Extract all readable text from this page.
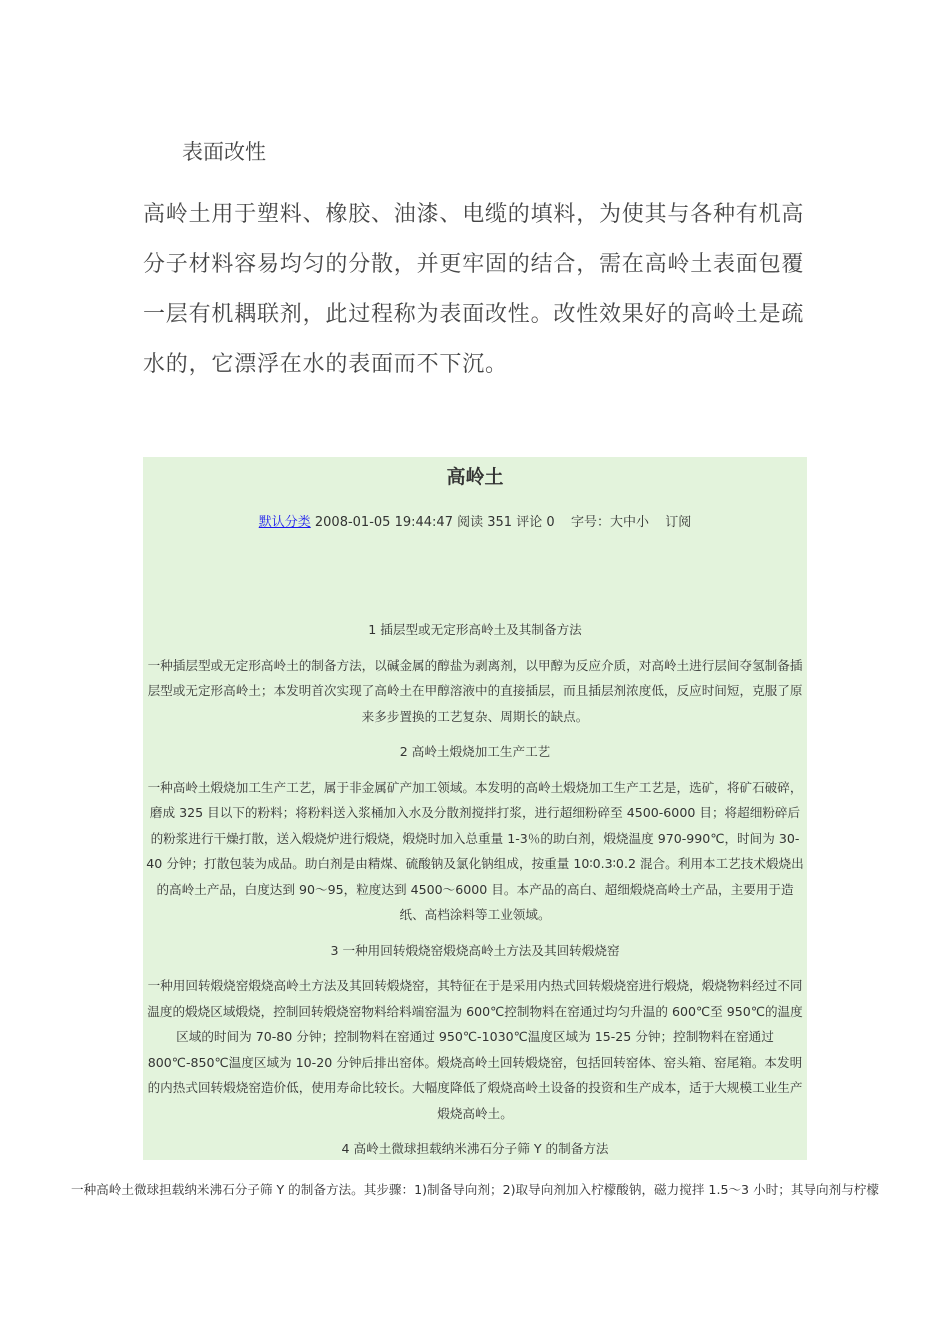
表面改性

高岭土用于塑料、橡胶、油漆、电缆的填料，为使其与各种有机高分子材料容易均匀的分散，并更牢固的结合，需在高岭土表面包覆一层有机耦联剂，此过程称为表面改性。改性效果好的高岭土是疏水的，它漂浮在水的表面而不下沉。

高岭土
默认分类 2008-01-05 19:44:47 阅读 351 评论 0 字号：大中小 订阅

1 插层型或无定形高岭土及其制备方法

一种插层型或无定形高岭土的制备方法，以碱金属的醇盐为剥离剂，以甲醇为反应介质，对高岭土进行层间夺氢制备插层型或无定形高岭土；本发明首次实现了高岭土在甲醇溶液中的直接插层，而且插层剂浓度低，反应时间短，克服了原来多步置换的工艺复杂、周期长的缺点。

2 高岭土煅烧加工生产工艺

一种高岭土煅烧加工生产工艺，属于非金属矿产加工领域。本发明的高岭土煅烧加工生产工艺是，选矿，将矿石破碎，磨成 325 目以下的粉料；将粉料送入浆桶加入水及分散剂搅拌打浆，进行超细粉碎至 4500-6000 目；将超细粉碎后的粉浆进行干燥打散，送入煅烧炉进行煅烧，煅烧时加入总重量 1-3％的助白剂，煅烧温度 970-990℃，时间为 30-40 分钟；打散包装为成品。助白剂是由精煤、硫酸钠及氯化钠组成，按重量 10∶0.3∶0.2 混合。利用本工艺技术煅烧出的高岭土产品，白度达到 90～95，粒度达到 4500～6000 目。本产品的高白、超细煅烧高岭土产品，主要用于造纸、高档涂料等工业领域。

3 一种用回转煅烧窑煅烧高岭土方法及其回转煅烧窑

一种用回转煅烧窑煅烧高岭土方法及其回转煅烧窑，其特征在于是采用内热式回转煅烧窑进行煅烧，煅烧物料经过不同温度的煅烧区域煅烧，控制回转煅烧窑物料给料端窑温为 600℃控制物料在窑通过均匀升温的 600℃至 950℃的温度区域的时间为 70-80 分钟；控制物料在窑通过 950℃-1030℃温度区域为 15-25 分钟；控制物料在窑通过 800℃-850℃温度区域为 10-20 分钟后排出窑体。煅烧高岭土回转煅烧窑，包括回转窑体、窑头箱、窑尾箱。本发明的内热式回转煅烧窑造价低，使用寿命比较长。大幅度降低了煅烧高岭土设备的投资和生产成本，适于大规模工业生产煅烧高岭土。

4 高岭土微球担载纳米沸石分子筛 Y 的制备方法

一种高岭土微球担载纳米沸石分子筛 Y 的制备方法。其步骤：1)制备导向剂；2)取导向剂加入柠檬酸钠，磁力搅拌 1.5～3 小时；其导向剂与柠檬
